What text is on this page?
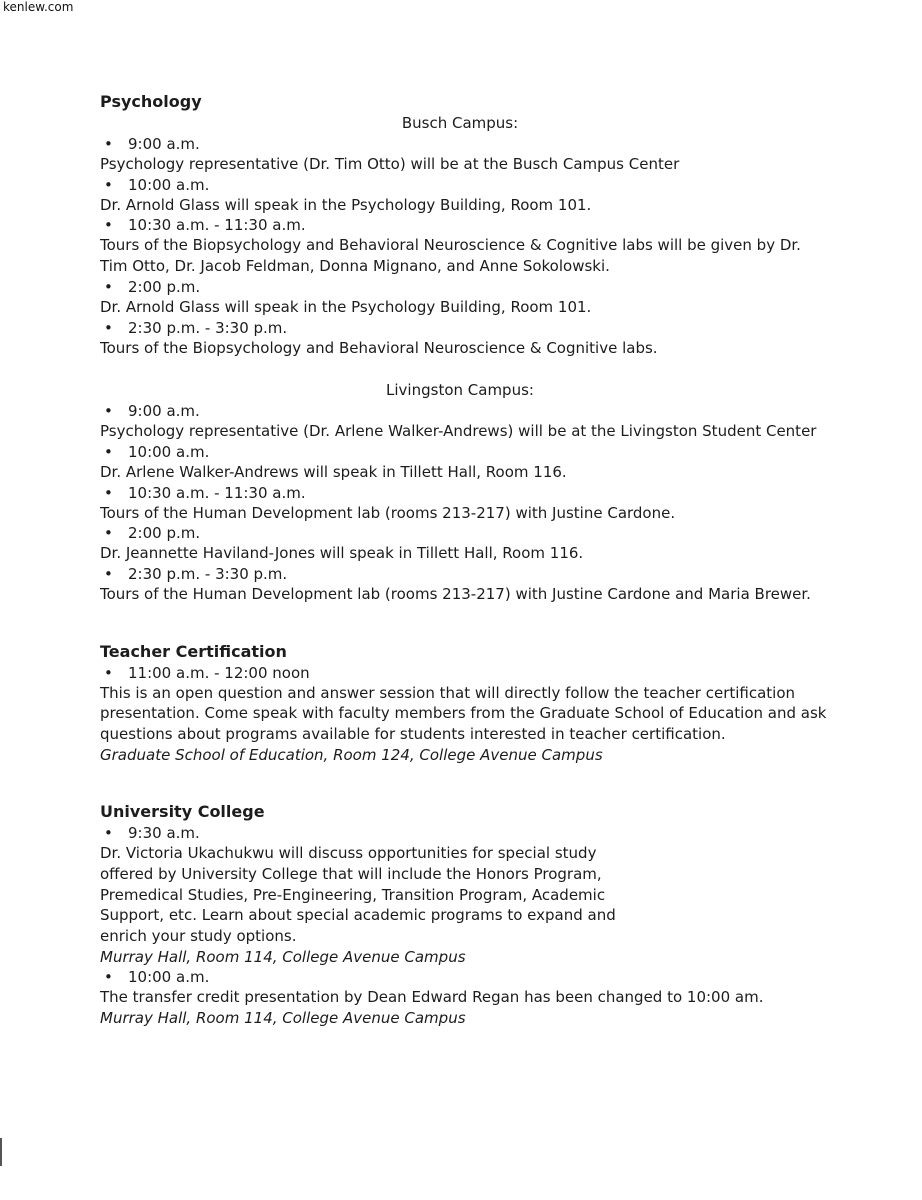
kenlew.com
Psychology
Busch Campus:
• 9:00 a.m.
Psychology representative (Dr. Tim Otto) will be at the Busch Campus Center
• 10:00 a.m.
Dr. Arnold Glass will speak in the Psychology Building, Room 101.
• 10:30 a.m. - 11:30 a.m.
Tours of the Biopsychology and Behavioral Neuroscience & Cognitive labs will be given by Dr.
Tim Otto, Dr. Jacob Feldman, Donna Mignano, and Anne Sokolowski.
• 2:00 p.m.
Dr. Arnold Glass will speak in the Psychology Building, Room 101.
• 2:30 p.m. - 3:30 p.m.
Tours of the Biopsychology and Behavioral Neuroscience & Cognitive labs.
Livingston Campus:
• 9:00 a.m.
Psychology representative (Dr. Arlene Walker-Andrews) will be at the Livingston Student Center
• 10:00 a.m.
Dr. Arlene Walker-Andrews will speak in Tillett Hall, Room 116.
• 10:30 a.m. - 11:30 a.m.
Tours of the Human Development lab (rooms 213-217) with Justine Cardone.
• 2:00 p.m.
Dr. Jeannette Haviland-Jones will speak in Tillett Hall, Room 116.
• 2:30 p.m. - 3:30 p.m.
Tours of the Human Development lab (rooms 213-217) with Justine Cardone and Maria Brewer.
Teacher Certification
• 11:00 a.m. - 12:00 noon
This is an open question and answer session that will directly follow the teacher certification
presentation. Come speak with faculty members from the Graduate School of Education and ask
questions about programs available for students interested in teacher certification.
Graduate School of Education, Room 124, College Avenue Campus
University College
• 9:30 a.m.
Dr. Victoria Ukachukwu will discuss opportunities for special study
offered by University College that will include the Honors Program,
Premedical Studies, Pre-Engineering, Transition Program, Academic
Support, etc. Learn about special academic programs to expand and
enrich your study options.
Murray Hall, Room 114, College Avenue Campus
• 10:00 a.m.
The transfer credit presentation by Dean Edward Regan has been changed to 10:00 am.
Murray Hall, Room 114, College Avenue Campus
